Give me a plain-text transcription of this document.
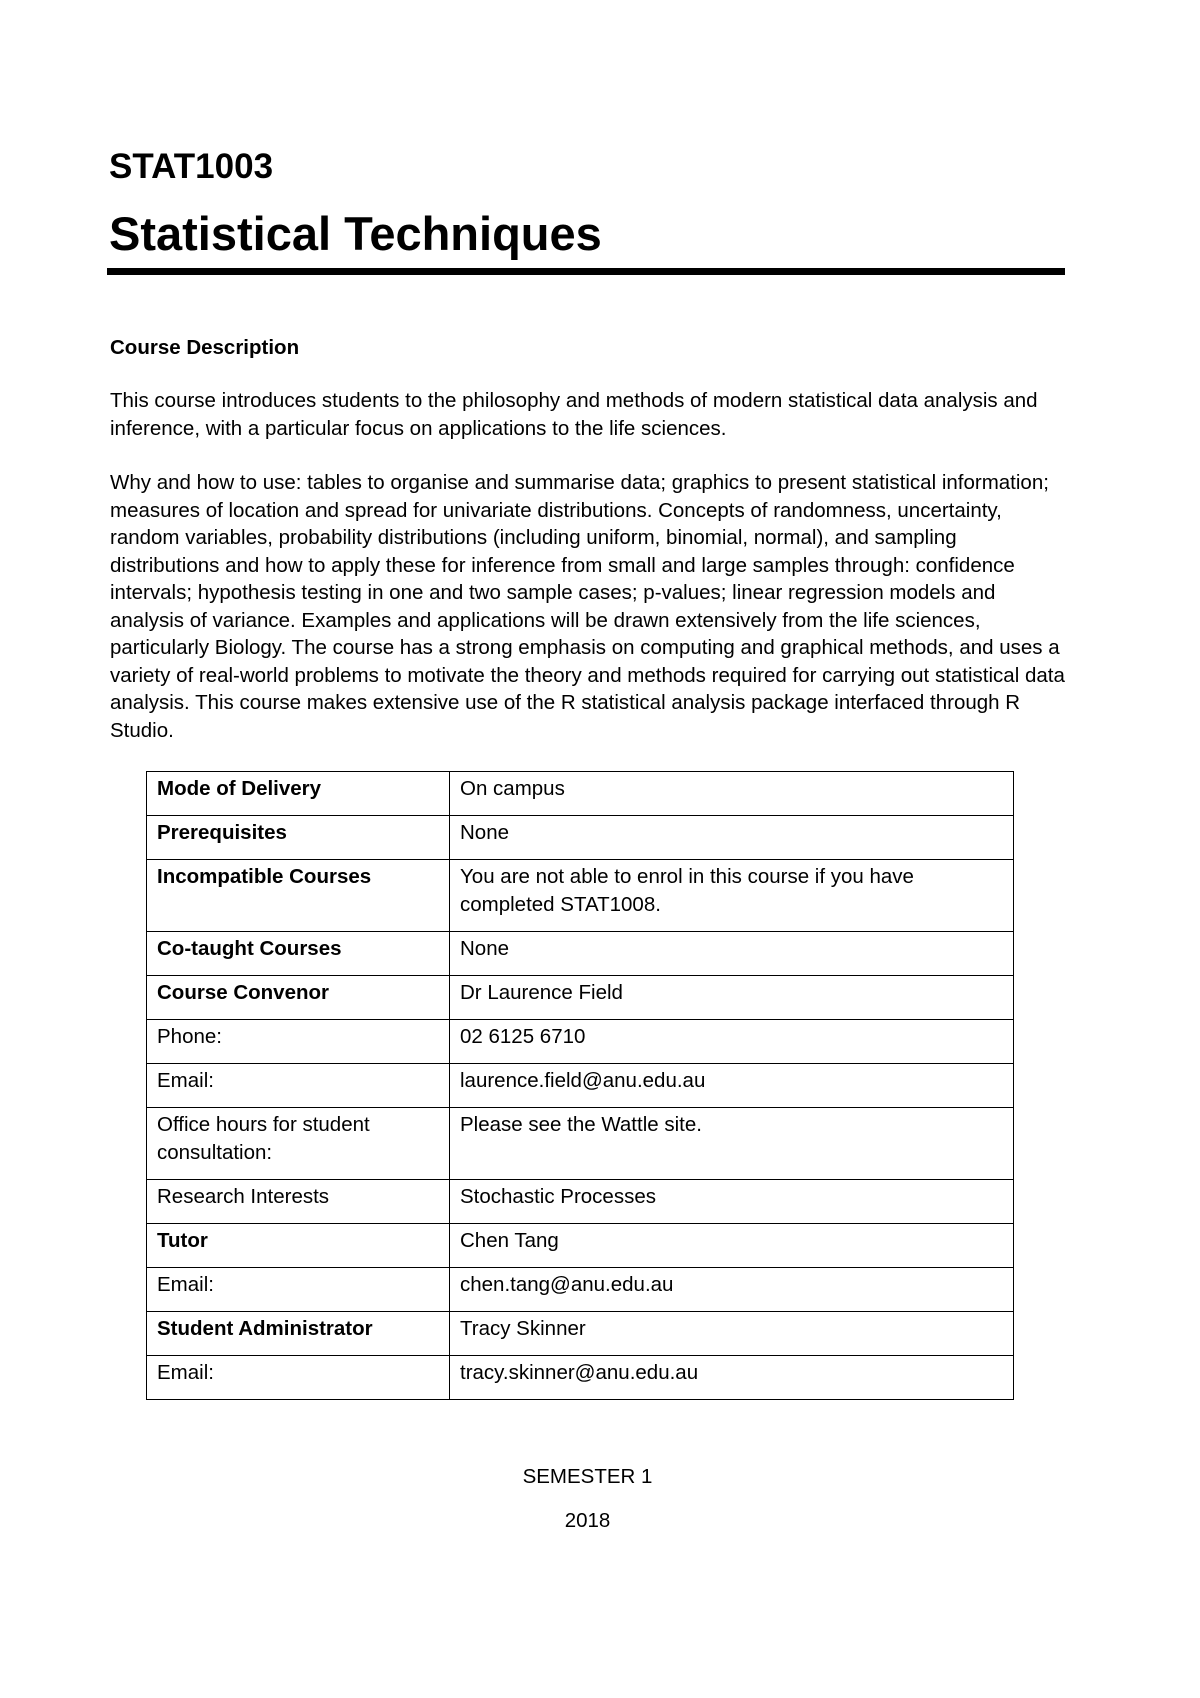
STAT1003
Statistical Techniques
Course Description

This course introduces students to the philosophy and methods of modern statistical data analysis and inference, with a particular focus on applications to the life sciences.

Why and how to use: tables to organise and summarise data; graphics to present statistical information; measures of location and spread for univariate distributions. Concepts of randomness, uncertainty, random variables, probability distributions (including uniform, binomial, normal), and sampling distributions and how to apply these for inference from small and large samples through: confidence intervals; hypothesis testing in one and two sample cases; p-values; linear regression models and analysis of variance. Examples and applications will be drawn extensively from the life sciences, particularly Biology. The course has a strong emphasis on computing and graphical methods, and uses a variety of real-world problems to motivate the theory and methods required for carrying out statistical data analysis. This course makes extensive use of the R statistical analysis package interfaced through R Studio.

Mode of Delivery	On campus
Prerequisites	None
Incompatible Courses	You are not able to enrol in this course if you have completed STAT1008.
Co-taught Courses	None
Course Convenor	Dr Laurence Field
Phone:	02 6125 6710
Email:	laurence.field@anu.edu.au
Office hours for student consultation:	Please see the Wattle site.
Research Interests	Stochastic Processes
Tutor	Chen Tang
Email:	chen.tang@anu.edu.au
Student Administrator	Tracy Skinner
Email:	tracy.skinner@anu.edu.au

SEMESTER 1

2018
